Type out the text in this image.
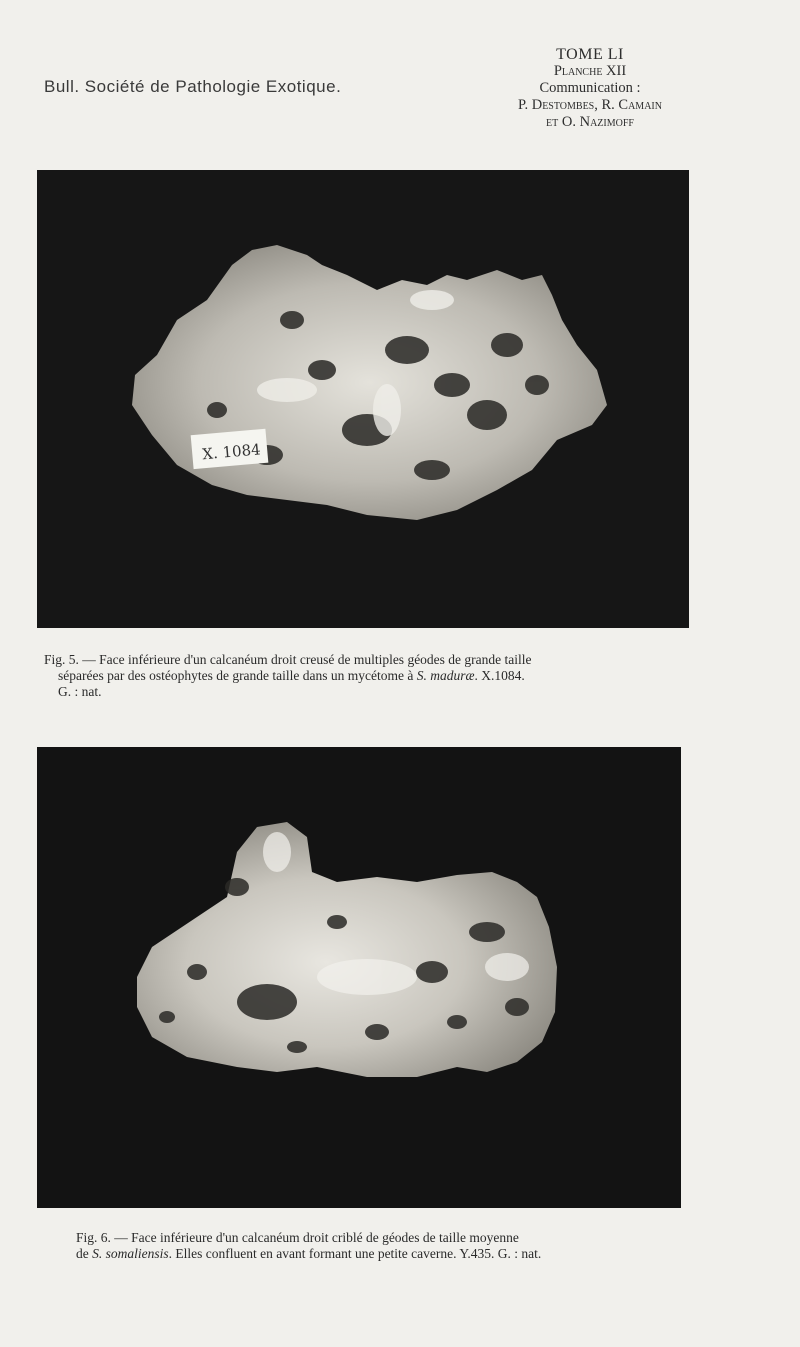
Bull. Société de Pathologie Exotique.
TOME LI
Planche XII
Communication :
P. Destombes, R. Camain
et O. Nazimoff
X. 1084
Fig. 5. — Face inférieure d'un calcanéum droit creusé de multiples géodes de grande taille
séparées par des ostéophytes de grande taille dans un mycétome à S. maduræ. X.1084.
G. : nat.
Fig. 6. — Face inférieure d'un calcanéum droit criblé de géodes de taille moyenne
de S. somaliensis. Elles confluent en avant formant une petite caverne. Y.435. G. : nat.
